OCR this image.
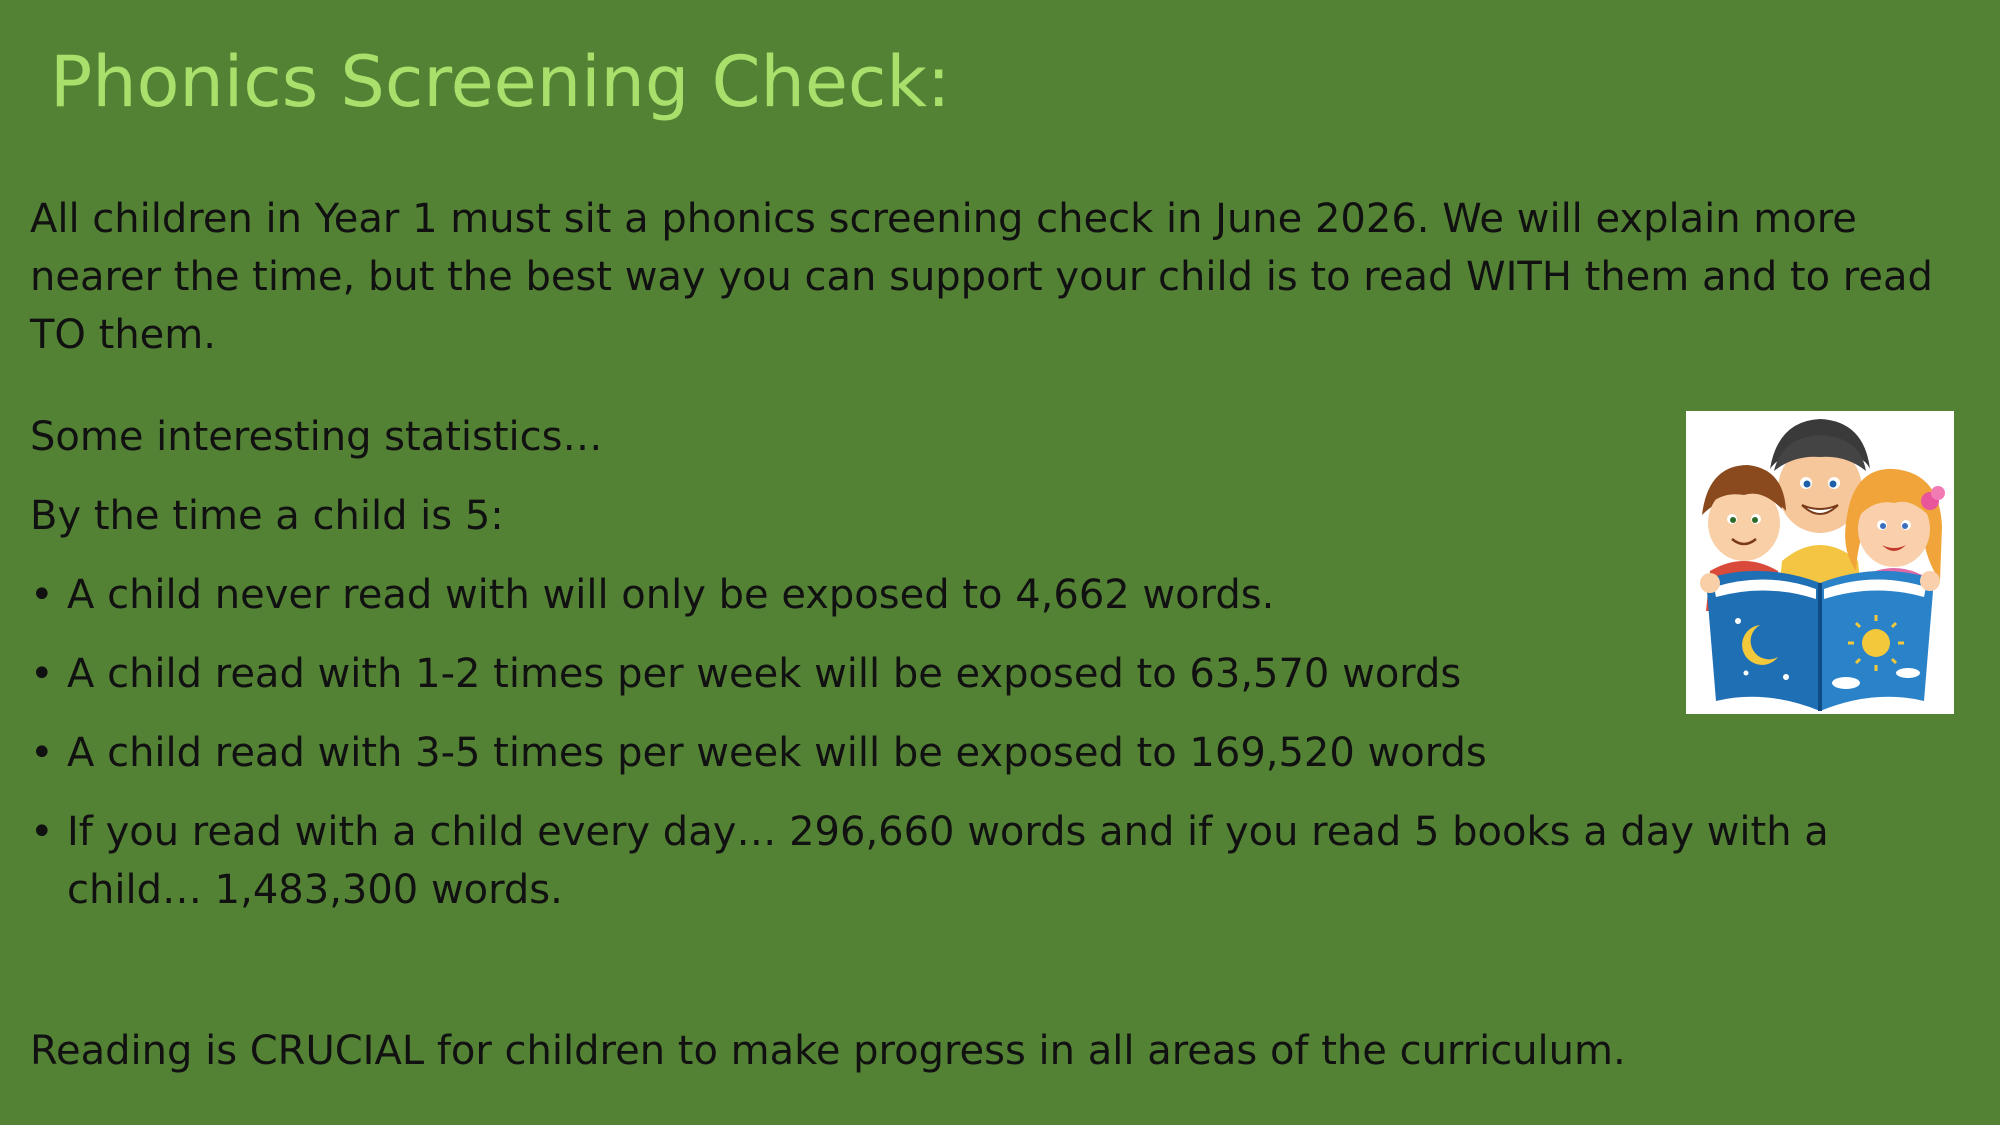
Phonics Screening Check:

All children in Year 1 must sit a phonics screening check in June 2026. We will explain more nearer the time, but the best way you can support your child is to read WITH them and to read TO them.

Some interesting statistics…

By the time a child is 5:

• A child never read with will only be exposed to 4,662 words.
• A child read with 1-2 times per week will be exposed to 63,570 words
• A child read with 3-5 times per week will be exposed to 169,520 words
• If you read with a child every day… 296,660 words and if you read 5 books a day with a child… 1,483,300 words.

Reading is CRUCIAL for children to make progress in all areas of the curriculum.
